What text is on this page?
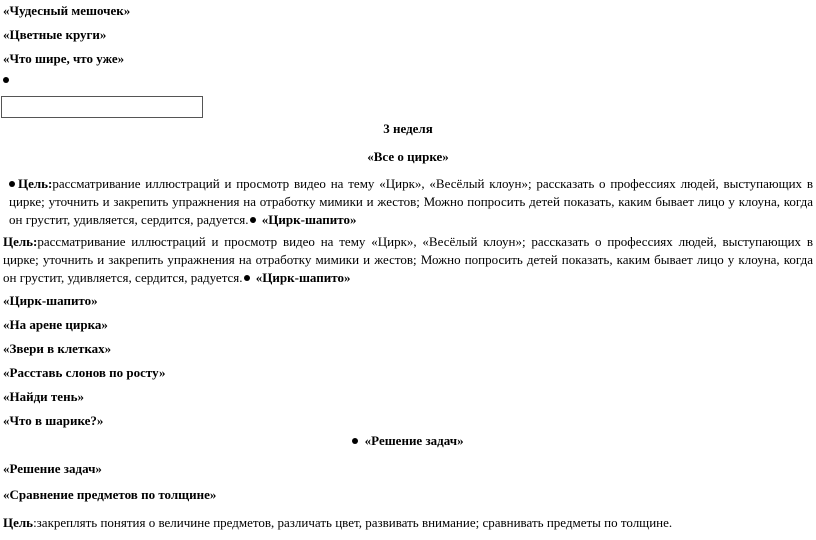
«Чудесный мешочек»
«Цветные круги»
«Что шире, что уже»
3 неделя
«Все о цирке»
Цель:рассматривание иллюстраций и просмотр видео на тему «Цирк», «Весёлый клоун»; рассказать о профессиях людей, выступающих в цирке; уточнить и закрепить упражнения на отработку мимики и жестов; Можно попросить детей показать, каким бывает лицо у клоуна, когда он грустит, удивляется, сердится, радуется. «Цирк-шапито»
Цель:рассматривание иллюстраций и просмотр видео на тему «Цирк», «Весёлый клоун»; рассказать о профессиях людей, выступающих в цирке; уточнить и закрепить упражнения на отработку мимики и жестов; Можно попросить детей показать, каким бывает лицо у клоуна, когда он грустит, удивляется, сердится, радуется. «Цирк-шапито»
«Цирк-шапито»
«На арене цирка»
«Звери в клетках»
«Расставь слонов по росту»
«Найди тень»
«Что в шарике?»
«Решение задач»
«Решение задач»
«Сравнение предметов по толщине»
Цель:закреплять понятия о величине предметов, различать цвет, развивать внимание; сравнивать предметы по толщине.
